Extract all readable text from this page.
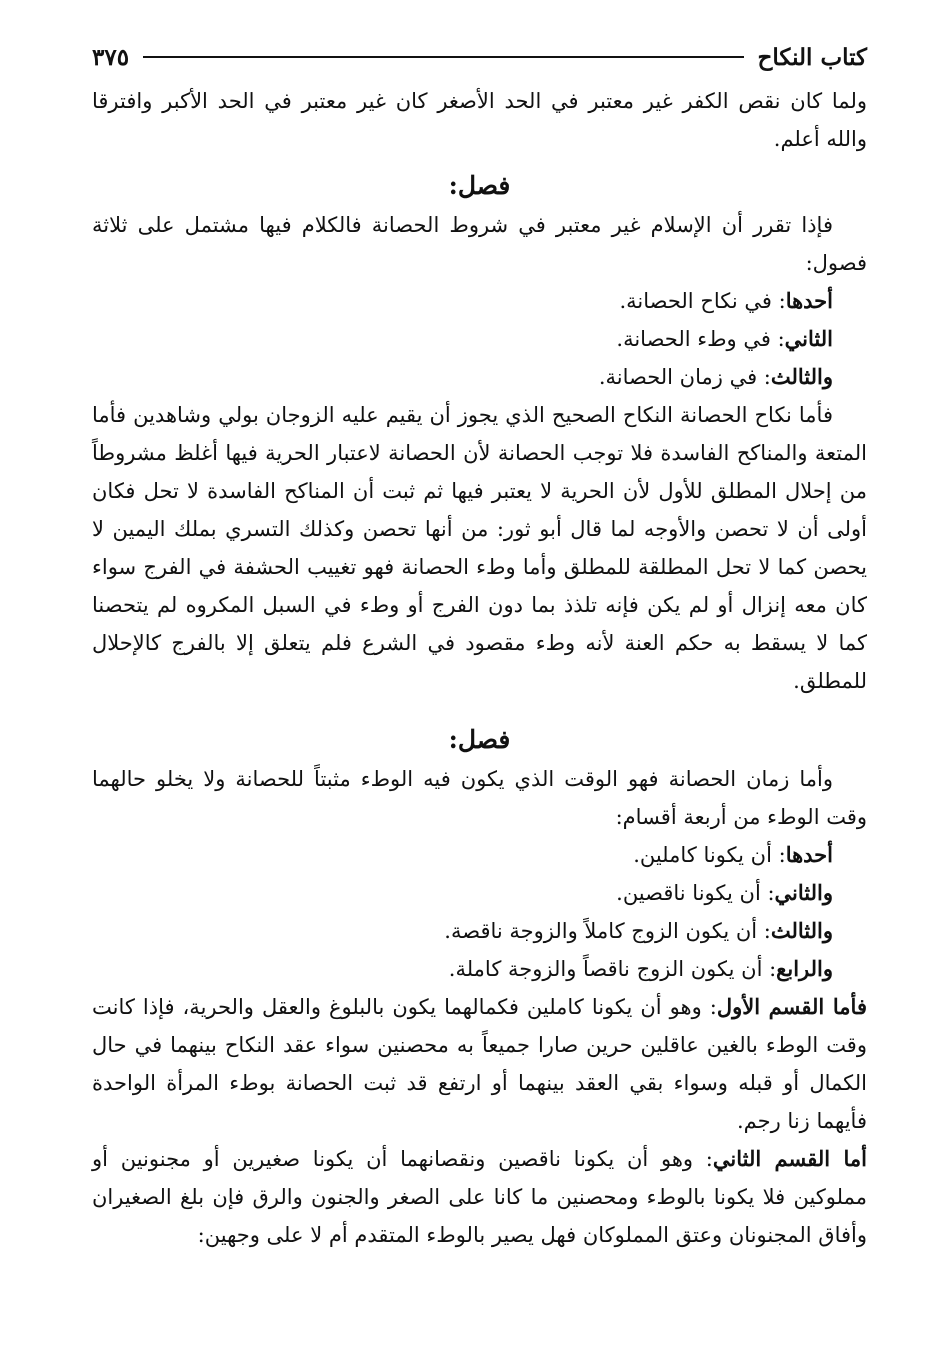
كتاب النكاح
٣٧٥

ولما كان نقص الكفر غير معتبر في الحد الأصغر كان غير معتبر في الحد الأكبر وافترقا والله أعلم.

فصل:

فإذا تقرر أن الإسلام غير معتبر في شروط الحصانة فالكلام فيها مشتمل على ثلاثة فصول:

أحدها: في نكاح الحصانة.

الثاني: في وطء الحصانة.

والثالث: في زمان الحصانة.

فأما نكاح الحصانة النكاح الصحيح الذي يجوز أن يقيم عليه الزوجان بولي وشاهدين فأما المتعة والمناكح الفاسدة فلا توجب الحصانة لأن الحصانة لاعتبار الحرية فيها أغلظ مشروطاً من إحلال المطلق للأول لأن الحرية لا يعتبر فيها ثم ثبت أن المناكح الفاسدة لا تحل فكان أولى أن لا تحصن والأوجه لما قال أبو ثور: من أنها تحصن وكذلك التسري بملك اليمين لا يحصن كما لا تحل المطلقة للمطلق وأما وطء الحصانة فهو تغييب الحشفة في الفرج سواء كان معه إنزال أو لم يكن فإنه تلذذ بما دون الفرج أو وطء في السبل المكروه لم يتحصنا كما لا يسقط به حكم العنة لأنه وطء مقصود في الشرع فلم يتعلق إلا بالفرج كالإحلال للمطلق.

فصل:

وأما زمان الحصانة فهو الوقت الذي يكون فيه الوطء مثبتاً للحصانة ولا يخلو حالهما وقت الوطء من أربعة أقسام:

أحدها: أن يكونا كاملين.

والثاني: أن يكونا ناقصين.

والثالث: أن يكون الزوج كاملاً والزوجة ناقصة.

والرابع: أن يكون الزوج ناقصاً والزوجة كاملة.

فأما القسم الأول: وهو أن يكونا كاملين فكمالهما يكون بالبلوغ والعقل والحرية، فإذا كانت وقت الوطء بالغين عاقلين حرين صارا جميعاً به محصنين سواء عقد النكاح بينهما في حال الكمال أو قبله وسواء بقي العقد بينهما أو ارتفع قد ثبت الحصانة بوطء المرأة الواحدة فأيهما زنا رجم.

أما القسم الثاني: وهو أن يكونا ناقصين ونقصانهما أن يكونا صغيرين أو مجنونين أو مملوكين فلا يكونا بالوطء ومحصنين ما كانا على الصغر والجنون والرق فإن بلغ الصغيران وأفاق المجنونان وعتق المملوكان فهل يصير بالوطء المتقدم أم لا على وجهين:
